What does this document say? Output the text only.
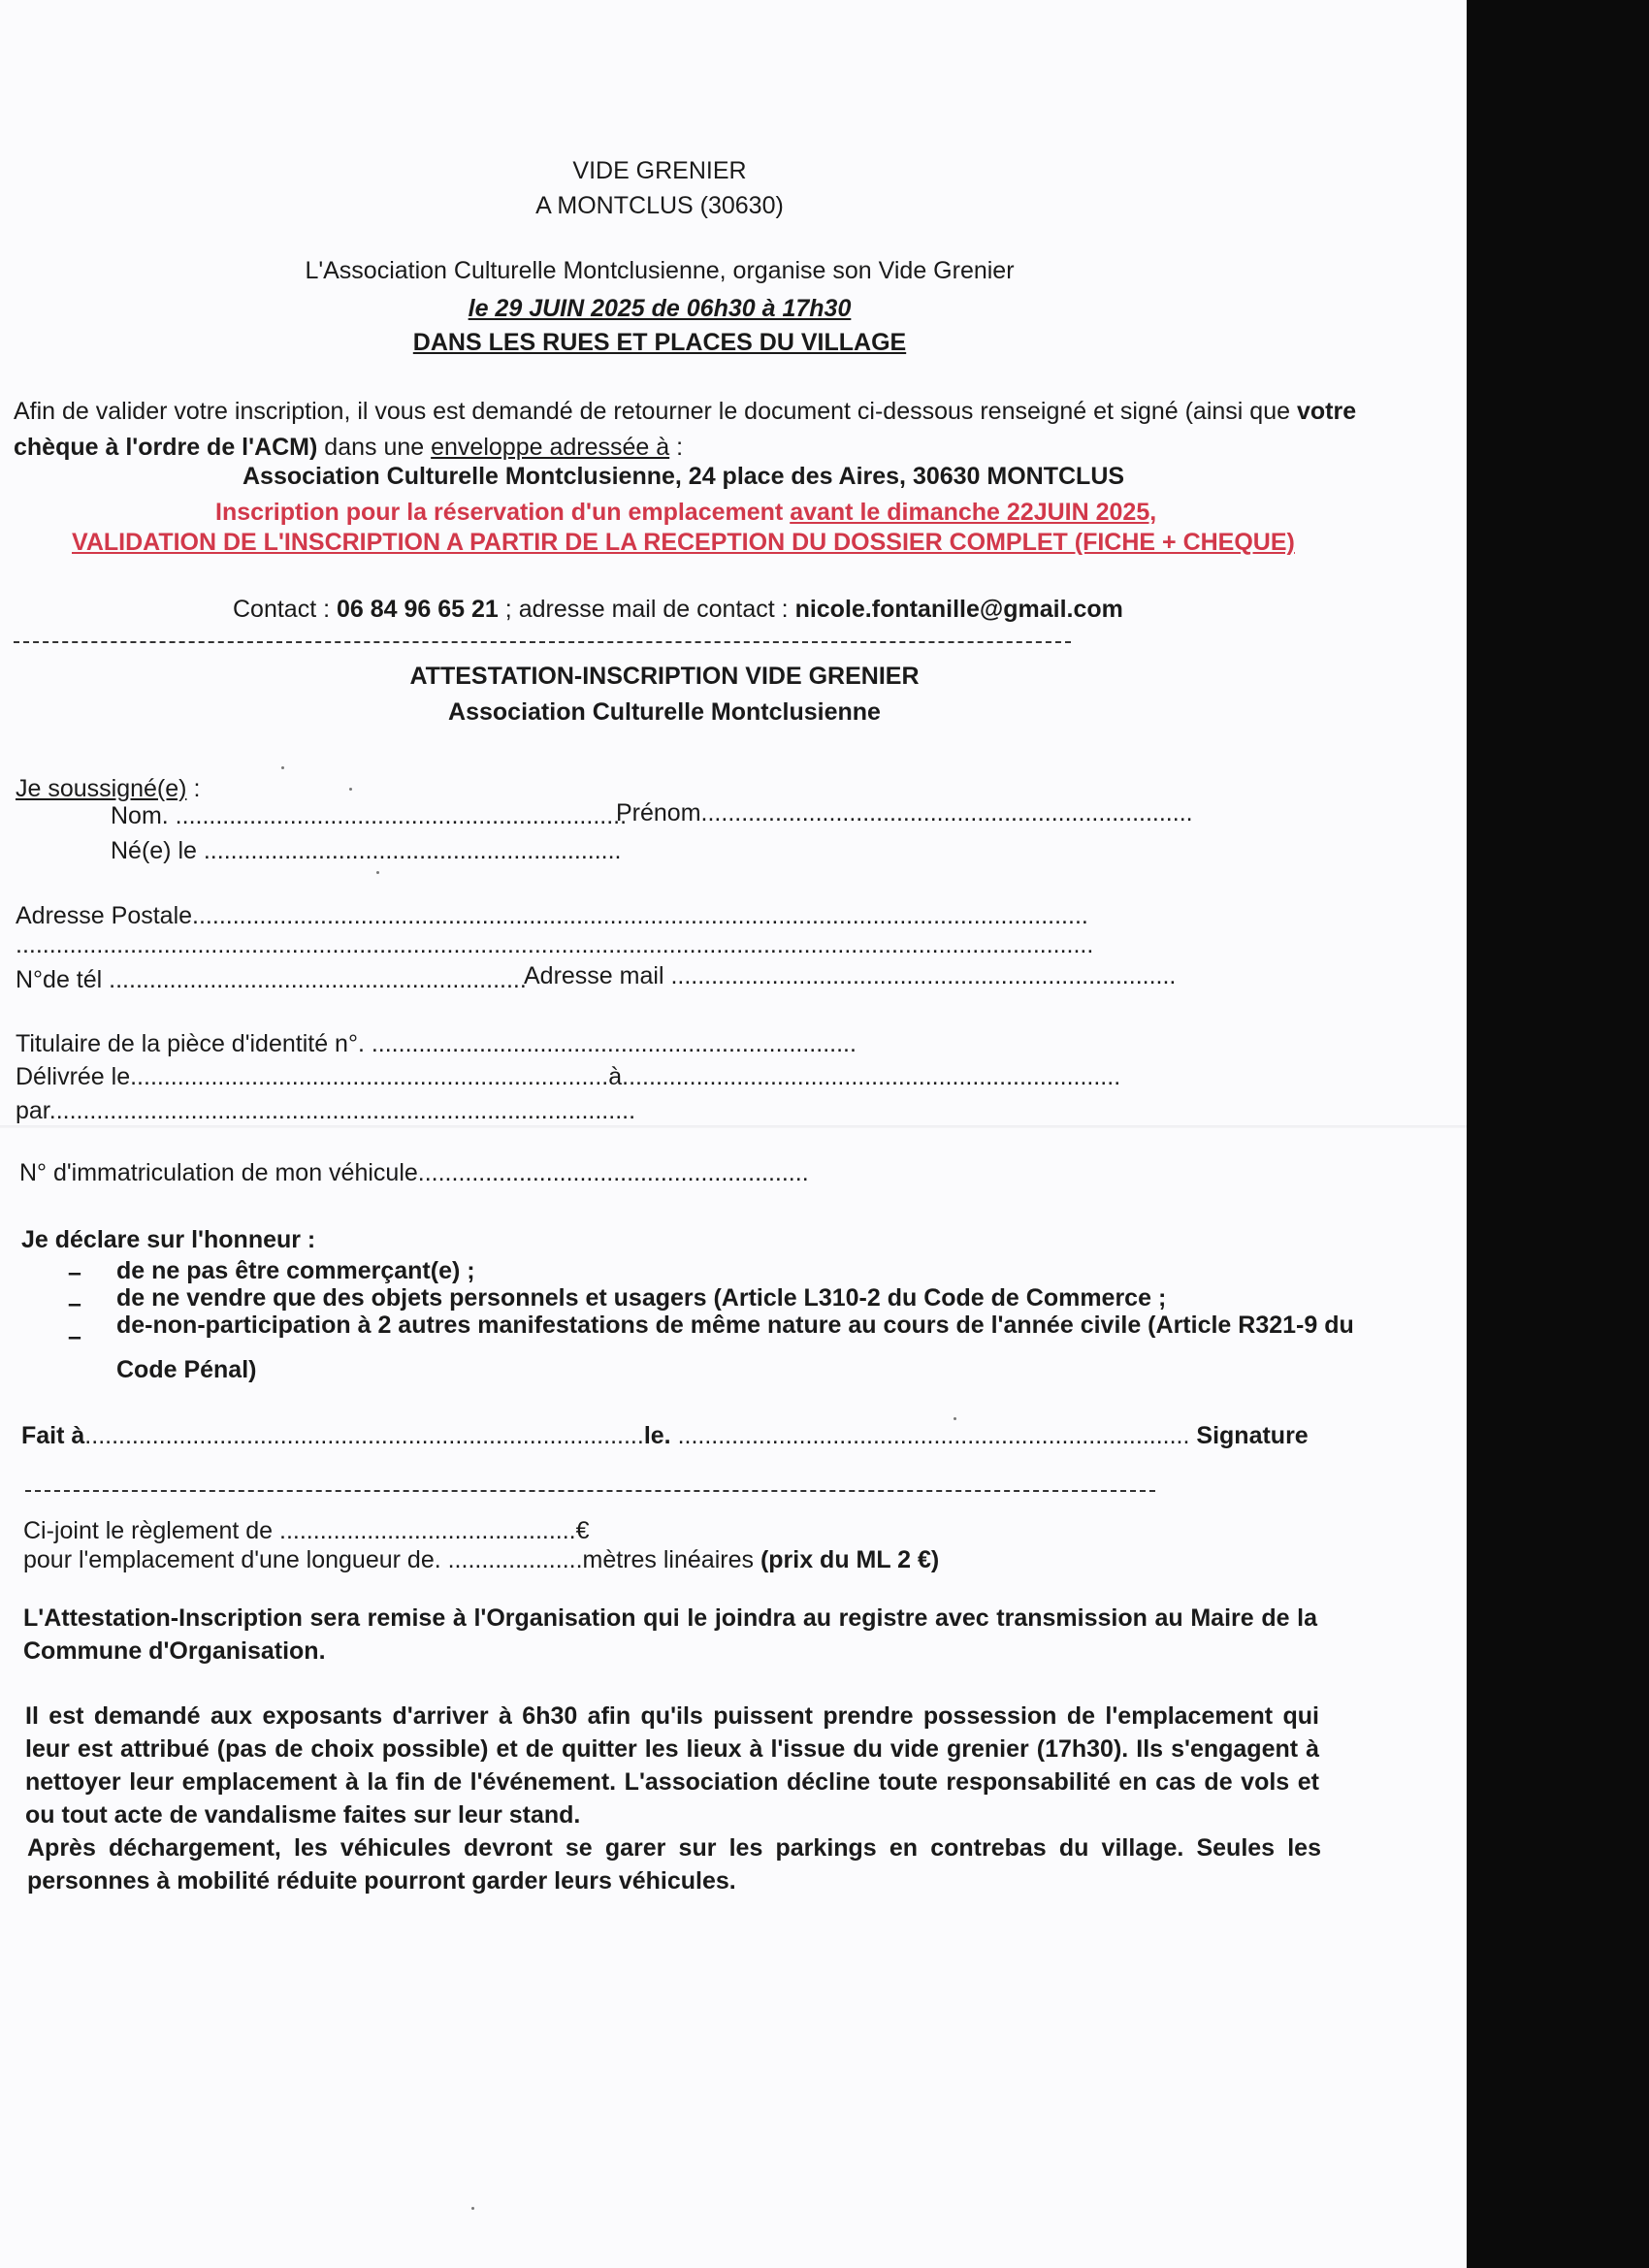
VIDE GRENIER
A MONTCLUS (30630)
L'Association Culturelle Montclusienne, organise son Vide Grenier
le 29 JUIN 2025 de 06h30 à 17h30
DANS LES RUES ET PLACES DU VILLAGE
Afin de valider votre inscription, il vous est demandé de retourner le document ci-dessous renseigné et signé (ainsi que votre
chèque à l'ordre de l'ACM) dans une enveloppe adressée à :
Association Culturelle Montclusienne, 24 place des Aires, 30630 MONTCLUS
Inscription pour la réservation d'un emplacement avant le dimanche 22JUIN 2025,
VALIDATION DE L'INSCRIPTION A PARTIR DE LA RECEPTION DU DOSSIER COMPLET (FICHE + CHEQUE)
Contact : 06 84 96 65 21 ; adresse mail de contact : nicole.fontanille@gmail.com
ATTESTATION-INSCRIPTION VIDE GRENIER
Association Culturelle Montclusienne
Je soussigné(e) :
Nom. ...................................................................
Prénom.........................................................................
Né(e) le ..............................................................
Adresse Postale.....................................................................................................................................
................................................................................................................................................................
N°de tél ..............................................................
Adresse mail ...........................................................................
Titulaire de la pièce d'identité n°. ........................................................................
Délivrée le.......................................................................à..........................................................................
par.......................................................................................
N° d'immatriculation de mon véhicule..........................................................
Je déclare sur l'honneur :
– de ne pas être commerçant(e) ;
– de ne vendre que des objets personnels et usagers (Article L310-2 du Code de Commerce ;
– de-non-participation à 2 autres manifestations de même nature au cours de l'année civile (Article R321-9 du
Code Pénal)
Fait à...................................................................................le. ............................................................................ Signature
Ci-joint le règlement de ............................................€
pour l'emplacement d'une longueur de. ....................mètres linéaires (prix du ML 2 €)
L'Attestation-Inscription sera remise à l'Organisation qui le joindra au registre avec transmission au Maire de la Commune d'Organisation.
Il est demandé aux exposants d'arriver à 6h30 afin qu'ils puissent prendre possession de l'emplacement qui leur est attribué (pas de choix possible) et de quitter les lieux à l'issue du vide grenier (17h30). Ils s'engagent à nettoyer leur emplacement à la fin de l'événement. L'association décline toute responsabilité en cas de vols et ou tout acte de vandalisme faites sur leur stand.
Après déchargement, les véhicules devront se garer sur les parkings en contrebas du village. Seules les personnes à mobilité réduite pourront garder leurs véhicules.
